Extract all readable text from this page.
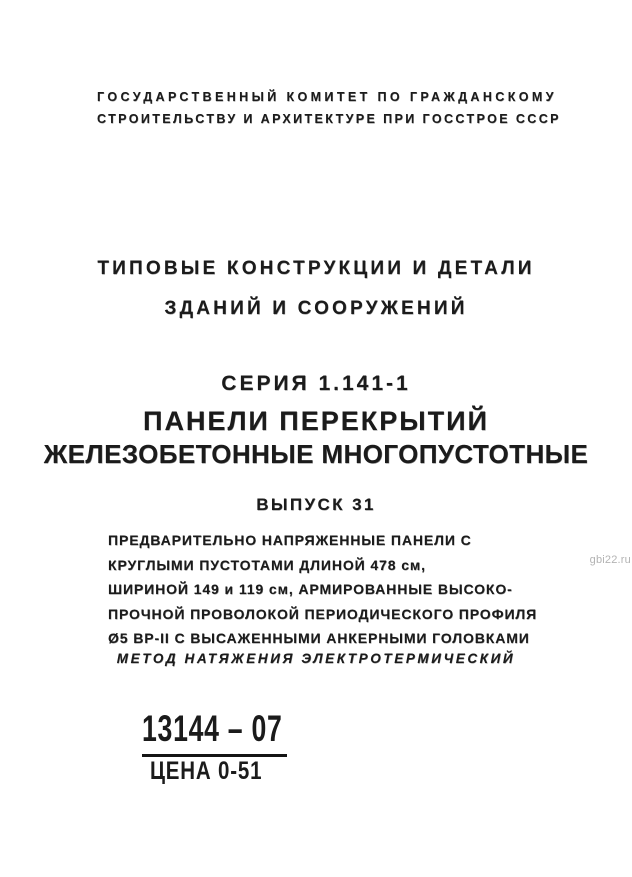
ГОСУДАРСТВЕННЫЙ КОМИТЕТ ПО ГРАЖДАНСКОМУ
СТРОИТЕЛЬСТВУ И АРХИТЕКТУРЕ ПРИ ГОССТРОЕ СССР
ТИПОВЫЕ КОНСТРУКЦИИ И ДЕТАЛИ
ЗДАНИЙ И СООРУЖЕНИЙ
СЕРИЯ 1.141-1
ПАНЕЛИ ПЕРЕКРЫТИЙ
ЖЕЛЕЗОБЕТОННЫЕ МНОГОПУСТОТНЫЕ
ВЫПУСК 31
ПРЕДВАРИТЕЛЬНО НАПРЯЖЕННЫЕ ПАНЕЛИ С
КРУГЛЫМИ ПУСТОТАМИ ДЛИНОЙ 478 см,
ШИРИНОЙ 149 и 119 см, АРМИРОВАННЫЕ ВЫСОКО-
ПРОЧНОЙ ПРОВОЛОКОЙ ПЕРИОДИЧЕСКОГО ПРОФИЛЯ
Ø5 ВР-II С ВЫСАЖЕННЫМИ АНКЕРНЫМИ ГОЛОВКАМИ
МЕТОД НАТЯЖЕНИЯ ЭЛЕКТРОТЕРМИЧЕСКИЙ
13144 – 07
ЦЕНА 0-51
gbi22.ru
